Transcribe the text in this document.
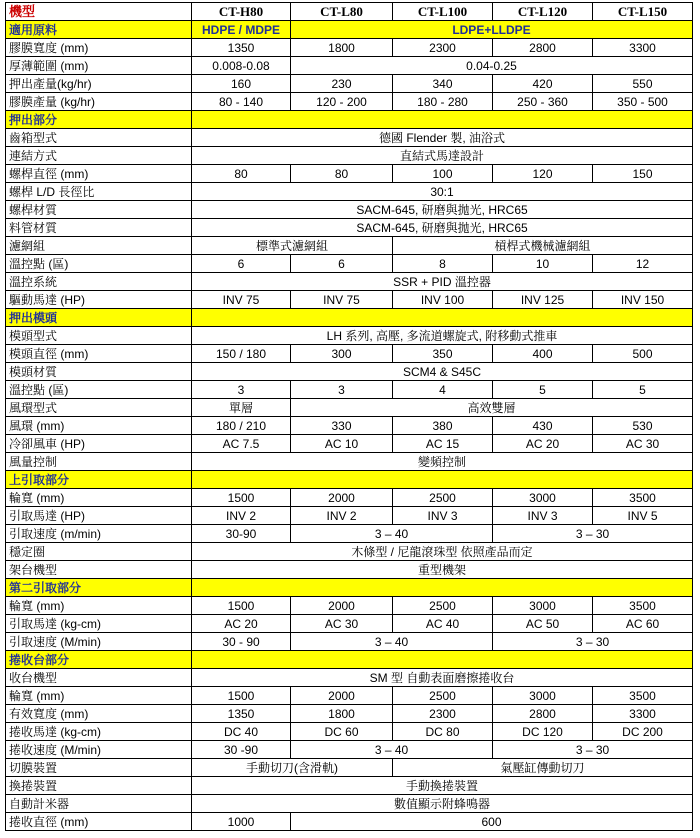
機型	CT-H80	CT-L80	CT-L100	CT-L120	CT-L150
適用原料	HDPE / MDPE	LDPE+LLDPE			
膠膜寬度 (mm)	1350	1800	2300	2800	3300
厚薄範圍 (mm)	0.008-0.08	0.04-0.25			
押出產量(kg/hr)	160	230	340	420	550
膠膜產量 (kg/hr)	80 - 140	120 - 200	180 - 280	250 - 360	350 - 500
押出部分					
齒箱型式	德國 Flender 製, 油浴式				
連結方式	直結式馬達設計				
螺桿直徑 (mm)	80	80	100	120	150
螺桿 L/D 長徑比	30:1				
螺桿材質	SACM-645, 研磨與拋光, HRC65				
料管材質	SACM-645, 研磨與拋光, HRC65				
濾網組	標準式濾網組		槓桿式機械濾網組		
溫控點 (區)	6	6	8	10	12
溫控系統	SSR + PID 溫控器				
驅動馬達 (HP)	INV 75	INV 75	INV 100	INV 125	INV 150
押出模頭					
模頭型式	LH 系列, 高壓, 多流道螺旋式, 附移動式推車				
模頭直徑 (mm)	150 / 180	300	350	400	500
模頭材質	SCM4 & S45C				
溫控點 (區)	3	3	4	5	5
風環型式	單層	高效雙層			
風環 (mm)	180 / 210	330	380	430	530
冷卻風車 (HP)	AC 7.5	AC 10	AC 15	AC 20	AC 30
風量控制	變頻控制				
上引取部分					
輪寬 (mm)	1500	2000	2500	3000	3500
引取馬達 (HP)	INV 2	INV 2	INV 3	INV 3	INV 5
引取速度 (m/min)	30-90	3 – 40		3 – 30	
穩定圈	木條型 / 尼龍滾珠型 依照產品而定				
架台機型	重型機架				
第二引取部分					
輪寬 (mm)	1500	2000	2500	3000	3500
引取馬達 (kg-cm)	AC 20	AC 30	AC 40	AC 50	AC 60
引取速度 (M/min)	30 - 90	3 – 40		3 – 30	
捲收台部分					
收台機型	SM 型 自動表面磨擦捲收台				
輪寬 (mm)	1500	2000	2500	3000	3500
有效寬度 (mm)	1350	1800	2300	2800	3300
捲收馬達 (kg-cm)	DC 40	DC 60	DC 80	DC 120	DC 200
捲收速度 (M/min)	30 -90	3 – 40		3 – 30	
切膜裝置	手動切刀(含滑軌)		氣壓缸傳動切刀		
換捲裝置	手動換捲裝置				
自動計米器	數值顯示附蜂鳴器				
捲收直徑 (mm)	1000	600			
